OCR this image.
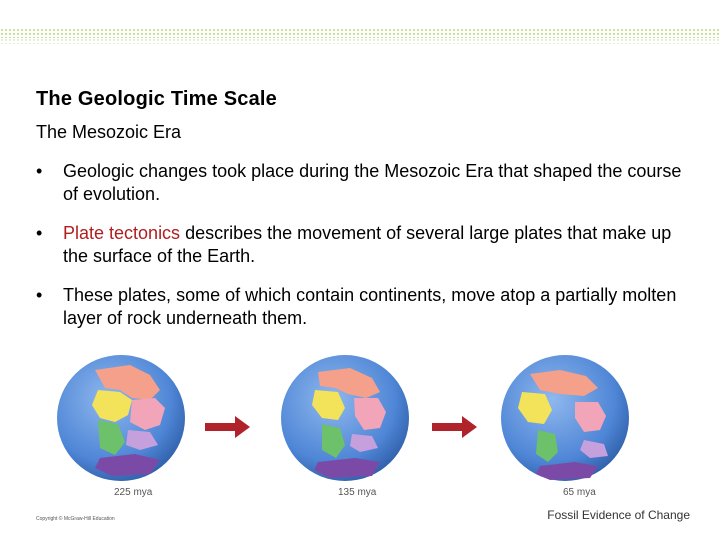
The Geologic Time Scale
The Mesozoic Era
• Geologic changes took place during the Mesozoic Era that shaped the course of evolution.
• Plate tectonics describes the movement of several large plates that make up the surface of the Earth.
• These plates, some of which contain continents, move atop a partially molten layer of rock underneath them.
225 mya	135 mya	65 mya
Copyright © McGraw-Hill Education	Fossil Evidence of Change
